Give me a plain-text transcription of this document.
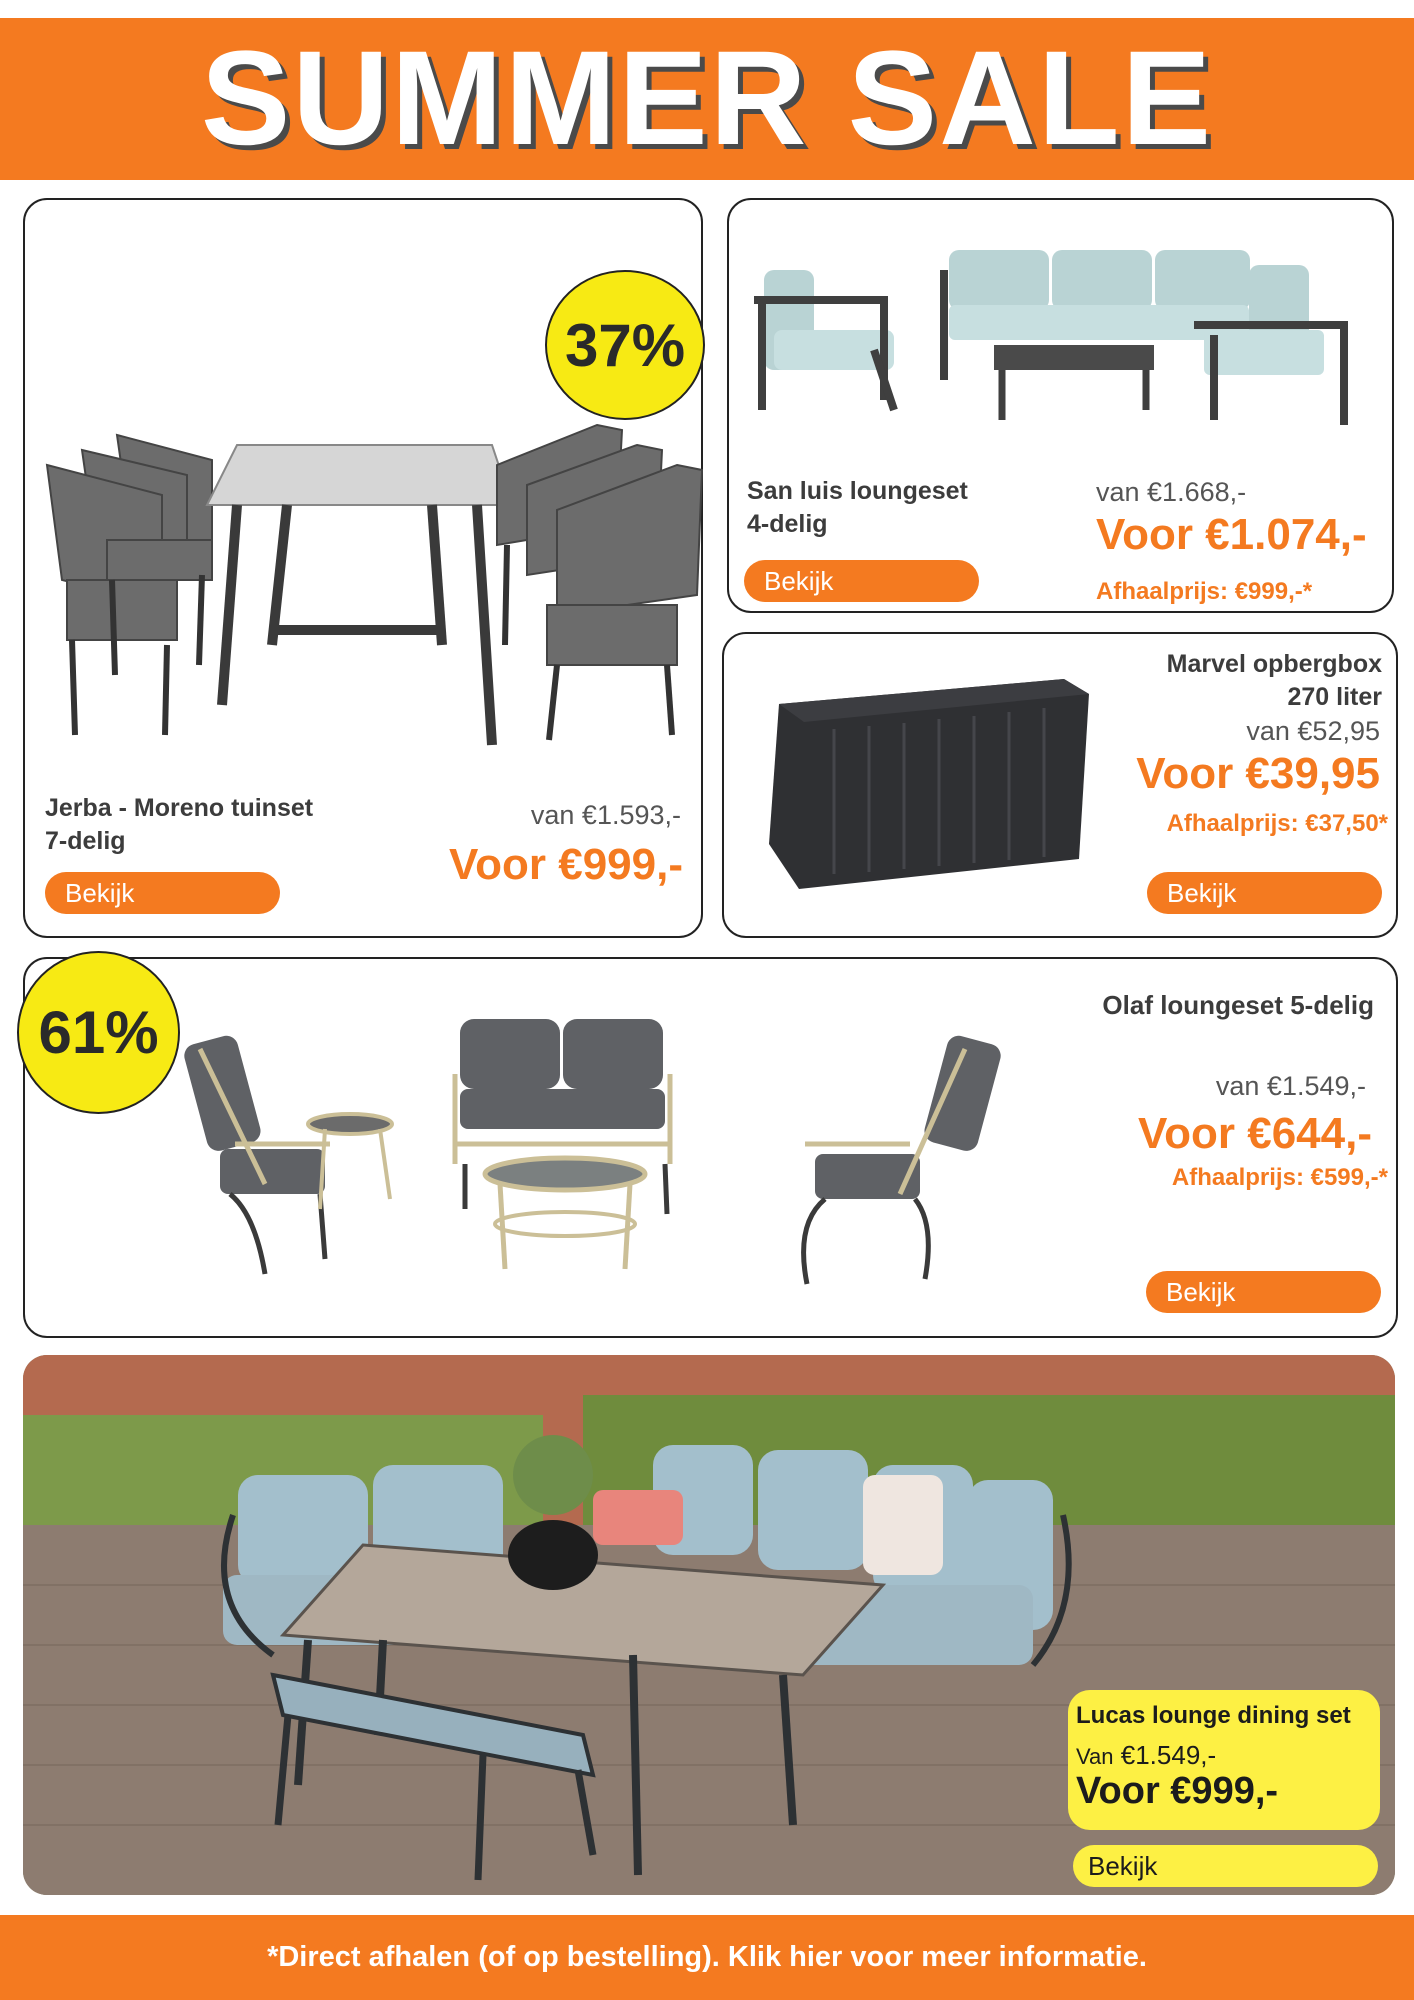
SUMMER SALE
37%
Jerba - Moreno tuinset
7-delig
van €1.593,-
Voor €999,-
Bekijk
San luis loungeset
4-delig
van €1.668,-
Voor €1.074,-
Afhaalprijs: €999,-*
Bekijk
Marvel opbergbox
270 liter
van €52,95
Voor €39,95
Afhaalprijs: €37,50*
Bekijk
61%	Olaf loungeset 5-delig
van €1.549,-
Voor €644,-
Afhaalprijs: €599,-*
Bekijk
Lucas lounge dining set
Van €1.549,-
Voor €999,-
Bekijk
*Direct afhalen (of op bestelling). Klik hier voor meer informatie.
